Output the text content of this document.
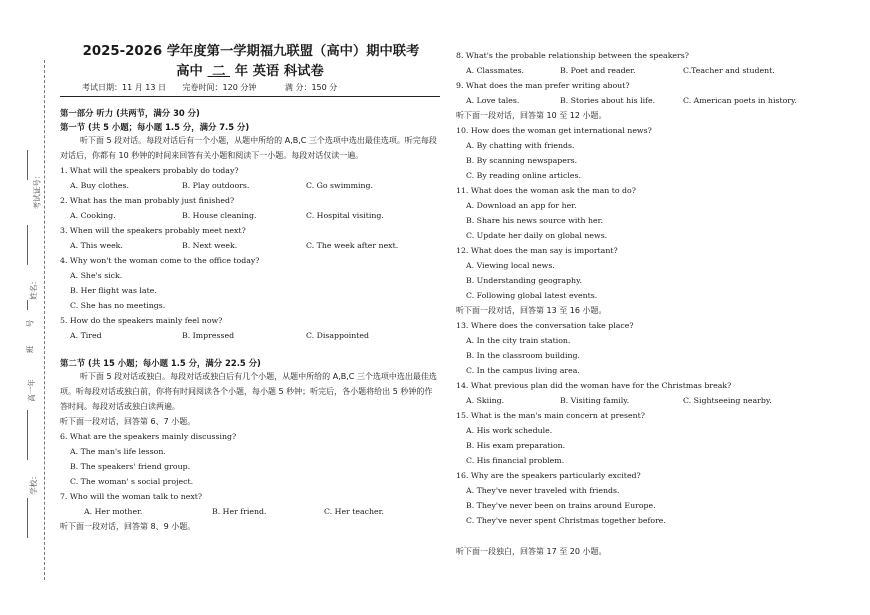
考试证号：
姓名：
号
班
高一年
学校：
2025-2026 学年度第一学期福九联盟（高中）期中联考
高中 二 年 英语 科试卷
考试日期：11 月 13 日 完卷时间：120 分钟	满 分：150 分
第一部分 听力 (共两节，满分 30 分)
第一节 (共 5 小题；每小题 1.5 分，满分 7.5 分)
听下面 5 段对话。每段对话后有一个小题，从题中所给的 A,B,C 三个选项中选出最佳选项。听完每段对话后，你都有 10 秒钟的时间来回答有关小题和阅读下一小题。每段对话仅读一遍。
1. What will the speakers probably do today?
A. Buy clothes.	B. Play outdoors.	C. Go swimming.
2. What has the man probably just finished?
A. Cooking.	B. House cleaning.	C. Hospital visiting.
3. When will the speakers probably meet next?
A. This week.	B. Next week.	C. The week after next.
4. Why won't the woman come to the office today?
A. She's sick.
B. Her flight was late.
C. She has no meetings.
5. How do the speakers mainly feel now?
A. Tired	B. Impressed	C. Disappointed
第二节 (共 15 小题；每小题 1.5 分，满分 22.5 分)
听下面 5 段对话或独白。每段对话或独白后有几个小题，从题中所给的 A,B,C 三个选项中选出最佳选项。听每段对话或独白前，你将有时间阅读各个小题，每小题 5 秒钟；听完后，各小题将给出 5 秒钟的作答时间。每段对话或独白读两遍。
听下面一段对话，回答第 6、7 小题。
6. What are the speakers mainly discussing?
A. The man's life lesson.
B. The speakers' friend group.
C. The woman' s social project.
7. Who will the woman talk to next?
A. Her mother.	B. Her friend.	C. Her teacher.
听下面一段对话，回答第 8、9 小题。
8. What's the probable relationship between the speakers?
A. Classmates.	B. Poet and reader.	C.Teacher and student.
9. What does the man prefer writing about?
A. Love tales.	B. Stories about his life.	C. American poets in history.
听下面一段对话，回答第 10 至 12 小题。
10. How does the woman get international news?
A. By chatting with friends.
B. By scanning newspapers.
C. By reading online articles.
11. What does the woman ask the man to do?
A. Download an app for her.
B. Share his news source with her.
C. Update her daily on global news.
12. What does the man say is important?
A. Viewing local news.
B. Understanding geography.
C. Following global latest events.
听下面一段对话，回答第 13 至 16 小题。
13. Where does the conversation take place?
A. In the city train station.
B. In the classroom building.
C. In the campus living area.
14. What previous plan did the woman have for the Christmas break?
A. Skiing.	B. Visiting family.	C. Sightseeing nearby.
15. What is the man's main concern at present?
A. His work schedule.
B. His exam preparation.
C. His financial problem.
16. Why are the speakers particularly excited?
A. They've never traveled with friends.
B. They've never been on trains around Europe.
C. They've never spent Christmas together before.
听下面一段独白，回答第 17 至 20 小题。
